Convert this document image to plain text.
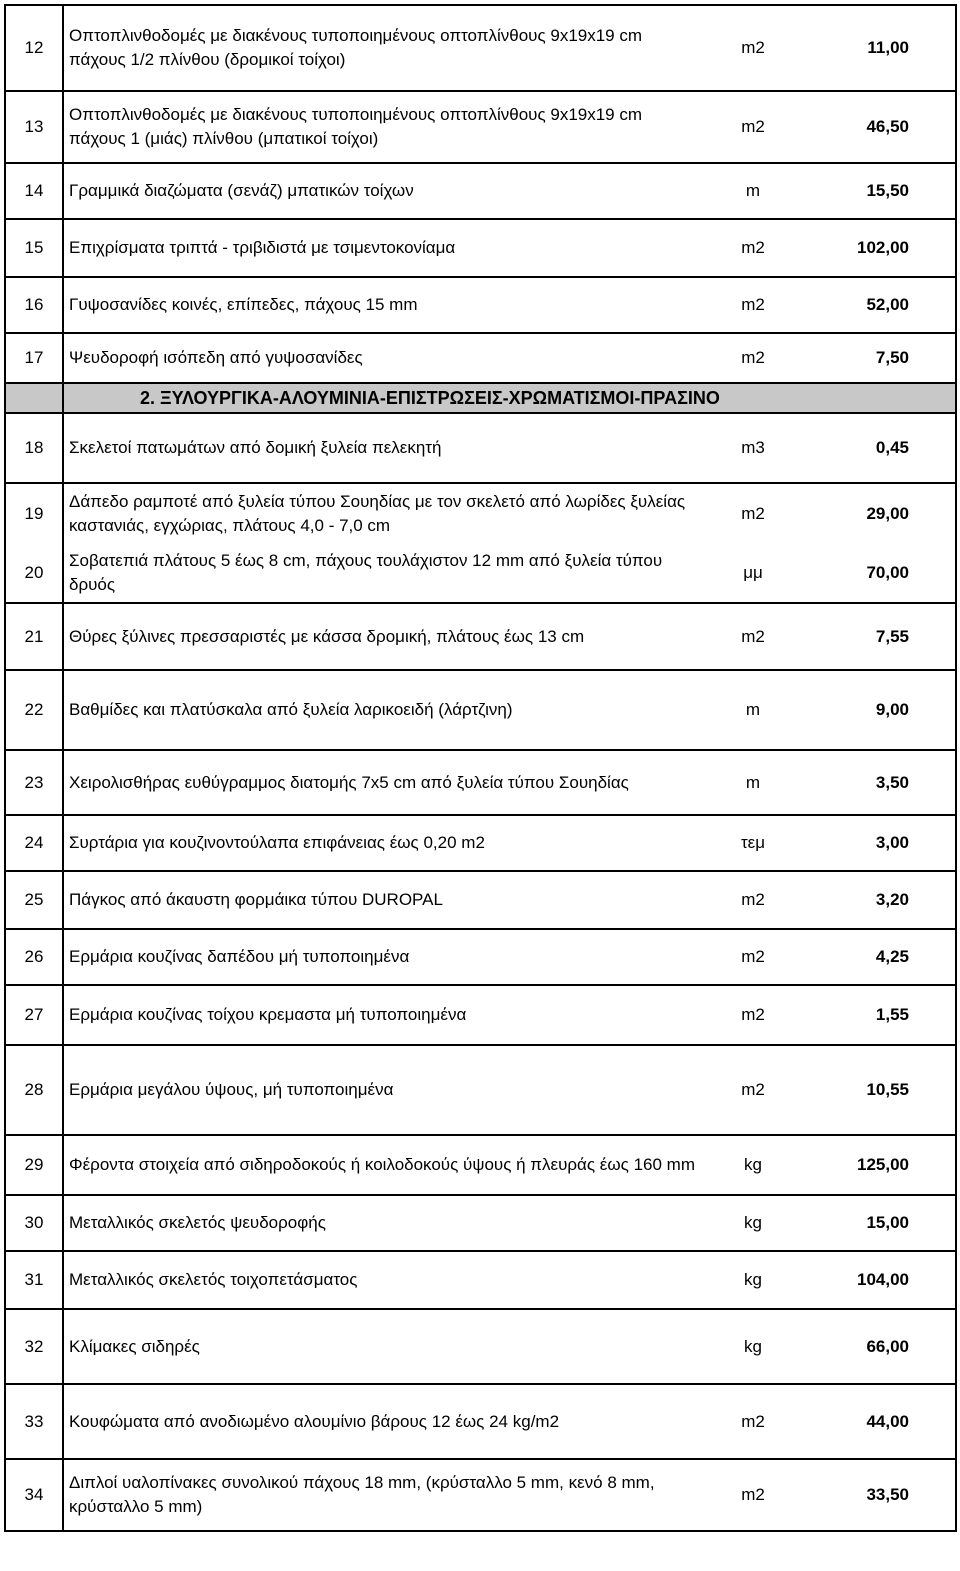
12	Οπτοπλινθοδομές με διακένους τυποποιημένους οπτοπλίνθους 9x19x19 cm πάχους 1/2 πλίνθου (δρομικοί τοίχοι)	m2	11,00
13	Οπτοπλινθοδομές με διακένους τυποποιημένους οπτοπλίνθους 9x19x19 cm πάχους 1 (μιάς) πλίνθου (μπατικοί τοίχοι)	m2	46,50
14	Γραμμικά διαζώματα (σενάζ) μπατικών τοίχων	m	15,50
15	Επιχρίσματα τριπτά - τριβιδιστά με τσιμεντοκονίαμα	m2	102,00
16	Γυψοσανίδες κοινές, επίπεδες, πάχους 15 mm	m2	52,00
17	Ψευδοροφή ισόπεδη από γυψοσανίδες	m2	7,50
	2. ΞΥΛΟΥΡΓΙΚΑ-ΑΛΟΥΜΙΝΙΑ-ΕΠΙΣΤΡΩΣΕΙΣ-ΧΡΩΜΑΤΙΣΜΟΙ-ΠΡΑΣΙΝΟ		
18	Σκελετοί πατωμάτων από δομική ξυλεία πελεκητή	m3	0,45
19	Δάπεδο ραμποτέ από ξυλεία τύπου Σουηδίας με τον σκελετό από λωρίδες ξυλείας καστανιάς, εγχώριας, πλάτους 4,0 - 7,0 cm	m2	29,00
20	Σοβατεπιά πλάτους 5 έως 8 cm, πάχους τουλάχιστον 12 mm από ξυλεία τύπου δρυός	μμ	70,00
21	Θύρες ξύλινες πρεσσαριστές με κάσσα δρομική, πλάτους έως 13 cm	m2	7,55
22	Βαθμίδες και πλατύσκαλα από ξυλεία λαρικοειδή (λάρτζινη)	m	9,00
23	Χειρολισθήρας ευθύγραμμος διατομής 7x5 cm από ξυλεία τύπου Σουηδίας	m	3,50
24	Συρτάρια για κουζινοντούλαπα επιφάνειας έως 0,20 m2	τεμ	3,00
25	Πάγκος από άκαυστη φορμάικα τύπου DUROPAL	m2	3,20
26	Ερμάρια κουζίνας δαπέδου μή τυποποιημένα	m2	4,25
27	Ερμάρια κουζίνας τοίχου κρεμαστα μή τυποποιημένα	m2	1,55
28	Ερμάρια μεγάλου ύψους, μή τυποποιημένα	m2	10,55
29	Φέροντα στοιχεία από σιδηροδοκούς ή κοιλοδοκούς ύψους ή πλευράς έως 160 mm	kg	125,00
30	Μεταλλικός σκελετός ψευδοροφής	kg	15,00
31	Μεταλλικός σκελετός τοιχοπετάσματος	kg	104,00
32	Κλίμακες σιδηρές	kg	66,00
33	Κουφώματα από ανοδιωμένο αλουμίνιο βάρους 12 έως 24 kg/m2	m2	44,00
34	Διπλοί υαλοπίνακες συνολικού πάχους 18 mm, (κρύσταλλο 5 mm, κενό 8 mm, κρύσταλλο 5 mm)	m2	33,50
